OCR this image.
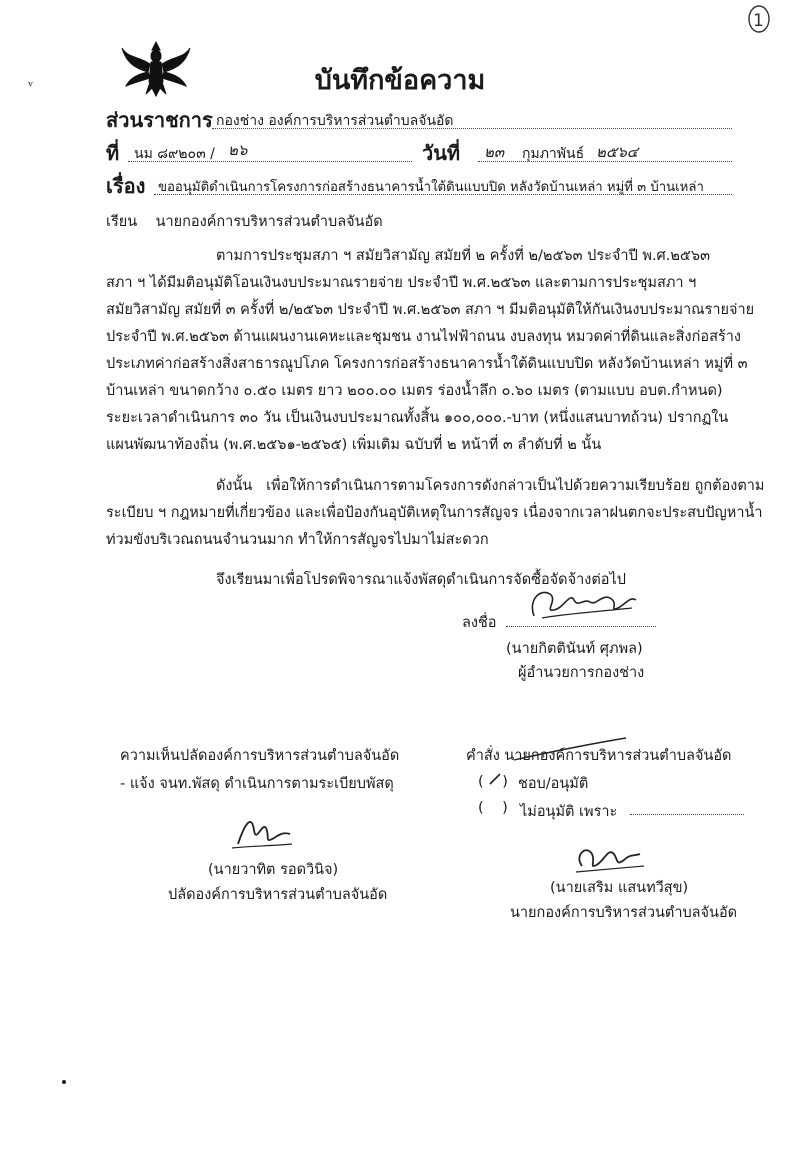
1
ᵥ	บันทึกข้อความ
ส่วนราชการ กองช่าง องค์การบริหารส่วนตำบลจันอัด
ที่ นม ๘๙๒๐๓ / ๒๖	วันที่ ๒๓ กุมภาพันธ์ ๒๕๖๔
เรื่อง ขออนุมัติดำเนินการโครงการก่อสร้างธนาคารน้ำใต้ดินแบบปิด หลังวัดบ้านเหล่า หมู่ที่ ๓ บ้านเหล่า
เรียน    นายกองค์การบริหารส่วนตำบลจันอัด
ตามการประชุมสภา ฯ สมัยวิสามัญ สมัยที่ ๒ ครั้งที่ ๒/๒๕๖๓ ประจำปี พ.ศ.๒๕๖๓
สภา ฯ ได้มีมติอนุมัติโอนเงินงบประมาณรายจ่าย ประจำปี พ.ศ.๒๕๖๓ และตามการประชุมสภา ฯ
สมัยวิสามัญ สมัยที่ ๓ ครั้งที่ ๒/๒๕๖๓ ประจำปี พ.ศ.๒๕๖๓ สภา ฯ มีมติอนุมัติให้กันเงินงบประมาณรายจ่าย
ประจำปี พ.ศ.๒๕๖๓ ด้านแผนงานเคหะและชุมชน งานไฟฟ้าถนน งบลงทุน หมวดค่าที่ดินและสิ่งก่อสร้าง
ประเภทค่าก่อสร้างสิ่งสาธารณูปโภค โครงการก่อสร้างธนาคารน้ำใต้ดินแบบปิด หลังวัดบ้านเหล่า หมู่ที่ ๓
บ้านเหล่า ขนาดกว้าง ๐.๕๐ เมตร ยาว ๒๐๐.๐๐ เมตร ร่องน้ำลึก ๐.๖๐ เมตร (ตามแบบ อบต.กำหนด)
ระยะเวลาดำเนินการ ๓๐ วัน เป็นเงินงบประมาณทั้งสิ้น ๑๐๐,๐๐๐.-บาท (หนึ่งแสนบาทถ้วน) ปรากฏใน
แผนพัฒนาท้องถิ่น (พ.ศ.๒๕๖๑-๒๕๖๕) เพิ่มเติม ฉบับที่ ๒ หน้าที่ ๓ ลำดับที่ ๒ นั้น
ดังนั้น   เพื่อให้การดำเนินการตามโครงการดังกล่าวเป็นไปด้วยความเรียบร้อย ถูกต้องตาม
ระเบียบ ฯ กฎหมายที่เกี่ยวข้อง และเพื่อป้องกันอุบัติเหตุในการสัญจร เนื่องจากเวลาฝนตกจะประสบปัญหาน้ำ
ท่วมขังบริเวณถนนจำนวนมาก ทำให้การสัญจรไปมาไม่สะดวก
จึงเรียนมาเพื่อโปรดพิจารณาแจ้งพัสดุดำเนินการจัดซื้อจัดจ้างต่อไป
ลงชื่อ
(นายกิตตินันท์ ศุภพล)
ผู้อำนวยการกองช่าง
ความเห็นปลัดองค์การบริหารส่วนตำบลจันอัด
- แจ้ง จนท.พัสดุ ดำเนินการตามระเบียบพัสดุ
(นายวาทิต รอดวินิจ)
ปลัดองค์การบริหารส่วนตำบลจันอัด
คำสั่ง นายกองค์การบริหารส่วนตำบลจันอัด
( ) ชอบ/อนุมัติ
(    ) ไม่อนุมัติ เพราะ
(นายเสริม แสนทวีสุข)
นายกองค์การบริหารส่วนตำบลจันอัด
